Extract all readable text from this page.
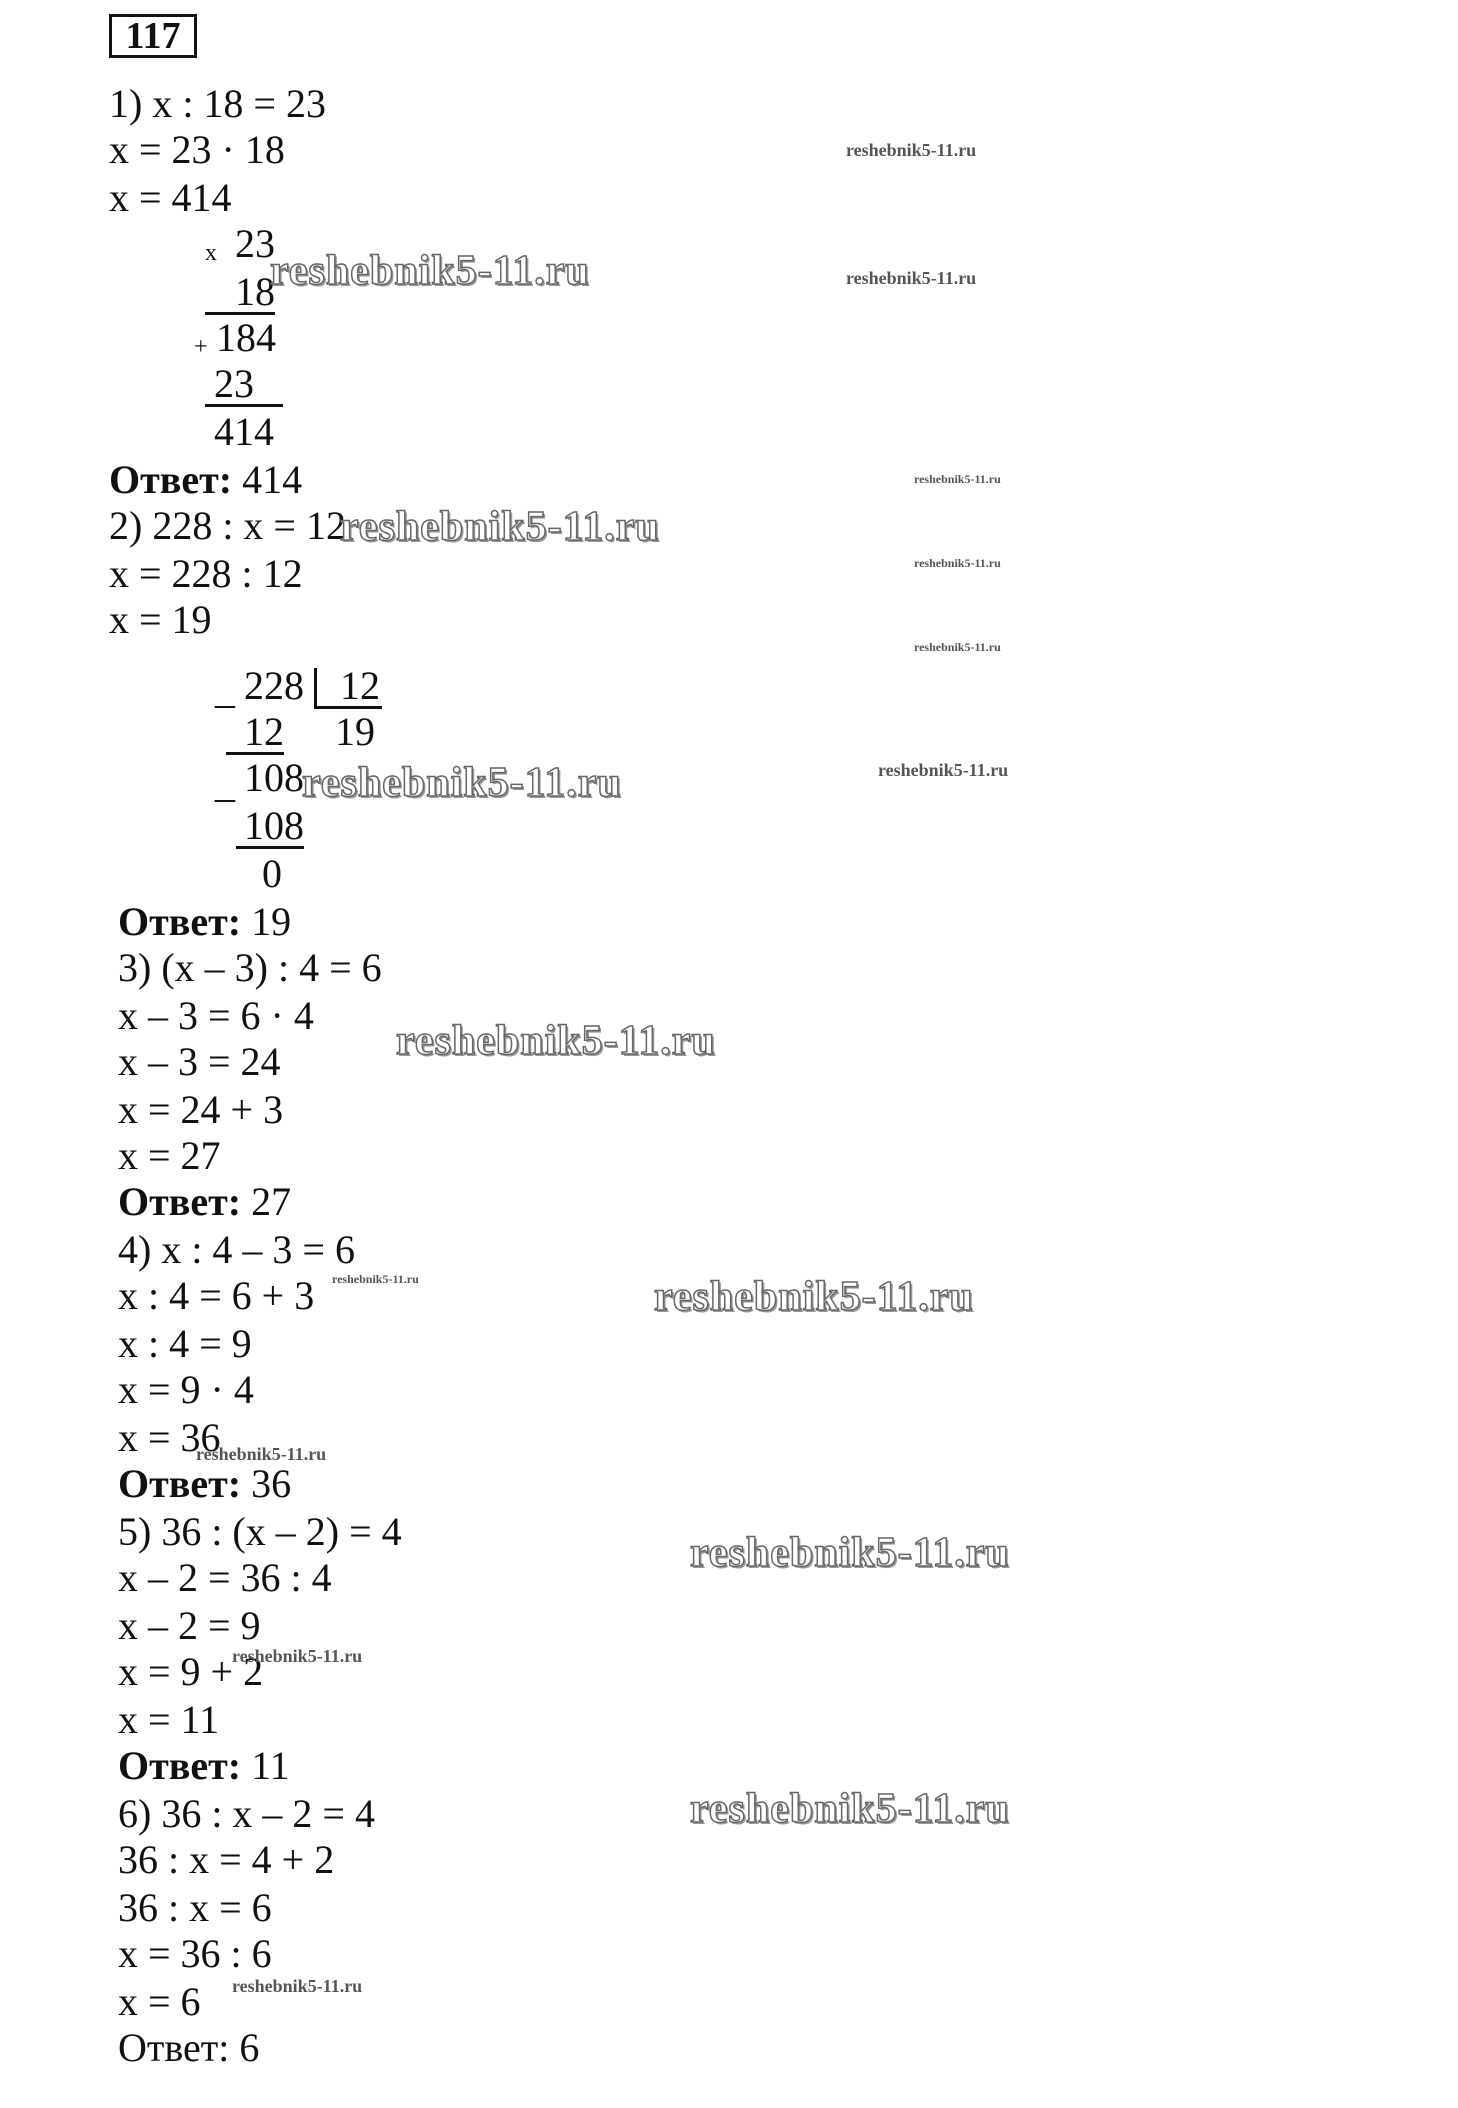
117
1) x : 18 = 23
x = 23 · 18
x = 414
x 23
18
+ 184
23
414
Ответ: 414
2) 228 : x = 12
x = 228 : 12
x = 19
_ 228 12
12 19
_ 108
108
0
Ответ: 19
3) (x – 3) : 4 = 6
x – 3 = 6 · 4
x – 3 = 24
x = 24 + 3
x = 27
Ответ: 27
4) x : 4 – 3 = 6
x : 4 = 6 + 3
x : 4 = 9
x = 9 · 4
x = 36
Ответ: 36
5) 36 : (x – 2) = 4
x – 2 = 36 : 4
x – 2 = 9
x = 9 + 2
x = 11
Ответ: 11
6) 36 : x – 2 = 4
36 : x = 4 + 2
36 : x = 6
x = 36 : 6
x = 6
Ответ: 6
reshebnik5-11.ru
reshebnik5-11.ru
reshebnik5-11.ru
reshebnik5-11.ru
reshebnik5-11.ru
reshebnik5-11.ru
reshebnik5-11.ru
reshebnik5-11.ru	reshebnik5-11.ru
reshebnik5-11.ru
reshebnik5-11.ru	reshebnik5-11.ru
reshebnik5-11.ru
reshebnik5-11.ru
reshebnik5-11.ru
reshebnik5-11.ru
reshebnik5-11.ru
